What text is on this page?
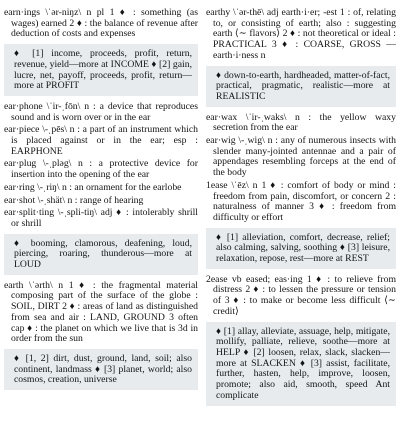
earn·ings \ˈər-niŋz\ n pl 1 ♦ : something (as wages) earned 2 ♦ : the balance of revenue after deduction of costs and expenses

♦ [1] income, proceeds, profit, return, revenue, yield—more at INCOME ♦ [2] gain, lucre, net, payoff, proceeds, profit, return—more at PROFIT

ear·phone \ˈir-ˌfōn\ n : a device that reproduces sound and is worn over or in the ear

ear·piece \-ˌpēs\ n : a part of an instrument which is placed against or in the ear; esp : EARPHONE

ear·plug \-ˌpləg\ n : a protective device for insertion into the opening of the ear

ear·ring \-ˌriŋ\ n : an ornament for the earlobe

ear·shot \-ˌshät\ n : range of hearing

ear·split·ting \-ˌspli-tiŋ\ adj ♦ : intolerably shrill or shrill

♦ booming, clamorous, deafening, loud, piercing, roaring, thunderous—more at LOUD

earth \ˈərth\ n 1 ♦ : the fragmental material composing part of the surface of the globe : SOIL, DIRT 2 ♦ : areas of land as distinguished from sea and air : LAND, GROUND 3 often cap ♦ : the planet on which we live that is 3d in order from the sun

♦ [1, 2] dirt, dust, ground, land, soil; also continent, landmass ♦ [3] planet, world; also cosmos, creation, universe

earthy \ˈər-thē\ adj earth·i·er; -est 1 : of, relating to, or consisting of earth; also : suggesting earth ⟨∼ flavors⟩ 2 ♦ : not theoretical or ideal : PRACTICAL 3 ♦ : COARSE, GROSS — earth·i·ness n

♦ down-to-earth, hardheaded, matter-of-fact, practical, pragmatic, realistic—more at REALISTIC

ear·wax \ˈir-ˌwaks\ n : the yellow waxy secretion from the ear

ear·wig \-ˌwig\ n : any of numerous insects with slender many-jointed antennae and a pair of appendages resembling forceps at the end of the body

1ease \ˈēz\ n 1 ♦ : comfort of body or mind : freedom from pain, discomfort, or concern 2 : naturalness of manner 3 ♦ : freedom from difficulty or effort

♦ [1] alleviation, comfort, decrease, relief; also calming, salving, soothing ♦ [3] leisure, relaxation, repose, rest—more at REST

2ease vb eased; eas·ing 1 ♦ : to relieve from distress 2 ♦ : to lessen the pressure or tension of 3 ♦ : to make or become less difficult ⟨∼ credit⟩

♦ [1] allay, alleviate, assuage, help, mitigate, mollify, palliate, relieve, soothe—more at HELP ♦ [2] loosen, relax, slack, slacken—more at SLACKEN ♦ [3] assist, facilitate, further, hasten, help, improve, loosen, promote; also aid, smooth, speed Ant complicate
